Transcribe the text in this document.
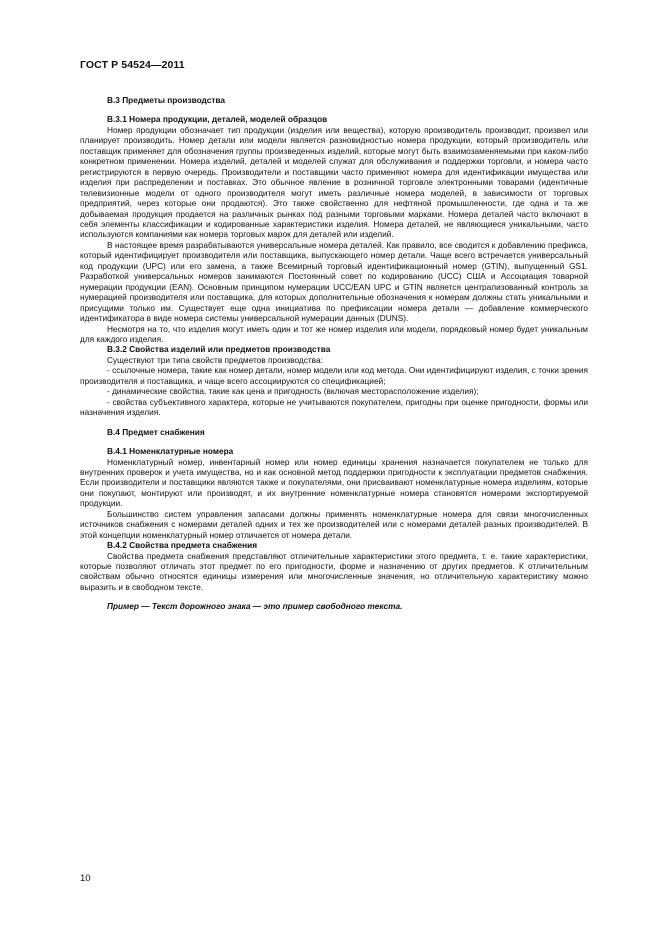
ГОСТ Р 54524—2011

В.3 Предметы производства

В.3.1 Номера продукции, деталей, моделей образцов

Номер продукции обозначает тип продукции (изделия или вещества), которую производитель производит, произвел или планирует производить. Номер детали или модели является разновидностью номера продукции, который производитель или поставщик применяет для обозначения группы произведенных изделий, которые могут быть взаимозаменяемыми при каком-либо конкретном применении. Номера изделий, деталей и моделей служат для обслуживания и поддержки торговли, и номера часто регистрируются в первую очередь. Производители и поставщики часто применяют номера для идентификации имущества или изделия при распределении и поставках. Это обычное явление в розничной торговле электронными товарами (идентичные телевизионные модели от одного производителя могут иметь различные номера моделей, в зависимости от торговых предприятий, через которые они продаются). Это также свойственно для нефтяной промышленности, где одна и та же добываемая продукция продается на различных рынках под разными торговыми марками. Номера деталей часто включают в себя элементы классификации и кодированные характеристики изделия. Номера деталей, не являющиеся уникальными, часто используются компаниями как номера торговых марок для деталей или изделий.

В настоящее время разрабатываются универсальные номера деталей. Как правило, все сводится к добавлению префикса, который идентифицирует производителя или поставщика, выпускающего номер детали. Чаще всего встречается универсальный код продукции (UPC) или его замена, а также Всемирный торговый идентификационный номер (GTIN), выпущенный GS1. Разработкой универсальных номеров занимаются Постоянный совет по кодированию (UCC) США и Ассоциация товарной нумерации продукции (EAN). Основным принципом нумерации UCC/EAN UPC и GTIN является централизованный контроль за нумерацией производителя или поставщика, для которых дополнительные обозначения к номерам должны стать уникальными и присущими только им. Существует еще одна инициатива по префиксации номера детали — добавление коммерческого идентификатора в виде номера системы универсальной нумерации данных (DUNS).

Несмотря на то, что изделия могут иметь один и тот же номер изделия или модели, порядковый номер будет уникальным для каждого изделия.

В.3.2 Свойства изделий или предметов производства

Существуют три типа свойств предметов производства:

- ссылочные номера, такие как номер детали, номер модели или код метода. Они идентифицируют изделия, с точки зрения производителя и поставщика, и чаще всего ассоциируются со спецификацией;

- динамические свойства, такие как цена и пригодность (включая месторасположение изделия);

- свойства субъективного характера, которые не учитываются покупателем, пригодны при оценке пригодности, формы или назначения изделия.

В.4 Предмет снабжения

В.4.1 Номенклатурные номера

Номенклатурный номер, инвентарный номер или номер единицы хранения назначается покупателем не только для внутренних проверок и учета имущества, но и как основной метод поддержки пригодности к эксплуатации предметов снабжения. Если производители и поставщики являются также и покупателями, они присваивают номенклатурные номера изделиям, которые они покупают, монтируют или производят, и их внутренние номенклатурные номера становятся номерами экспортируемой продукции.

Большинство систем управления запасами должны применять номенклатурные номера для связи многочисленных источников снабжения с номерами деталей одних и тех же производителей или с номерами деталей разных производителей. В этой концепции номенклатурный номер отличается от номера детали.

В.4.2 Свойства предмета снабжения

Свойства предмета снабжения представляют отличительные характеристики этого предмета, т. е. такие характеристики, которые позволяют отличать этот предмет по его пригодности, форме и назначению от других предметов. К отличительным свойствам обычно относятся единицы измерения или многочисленные значения, но отличительную характеристику можно выразить и в свободном тексте.

Пример — Текст дорожного знака — это пример свободного текста.

10
